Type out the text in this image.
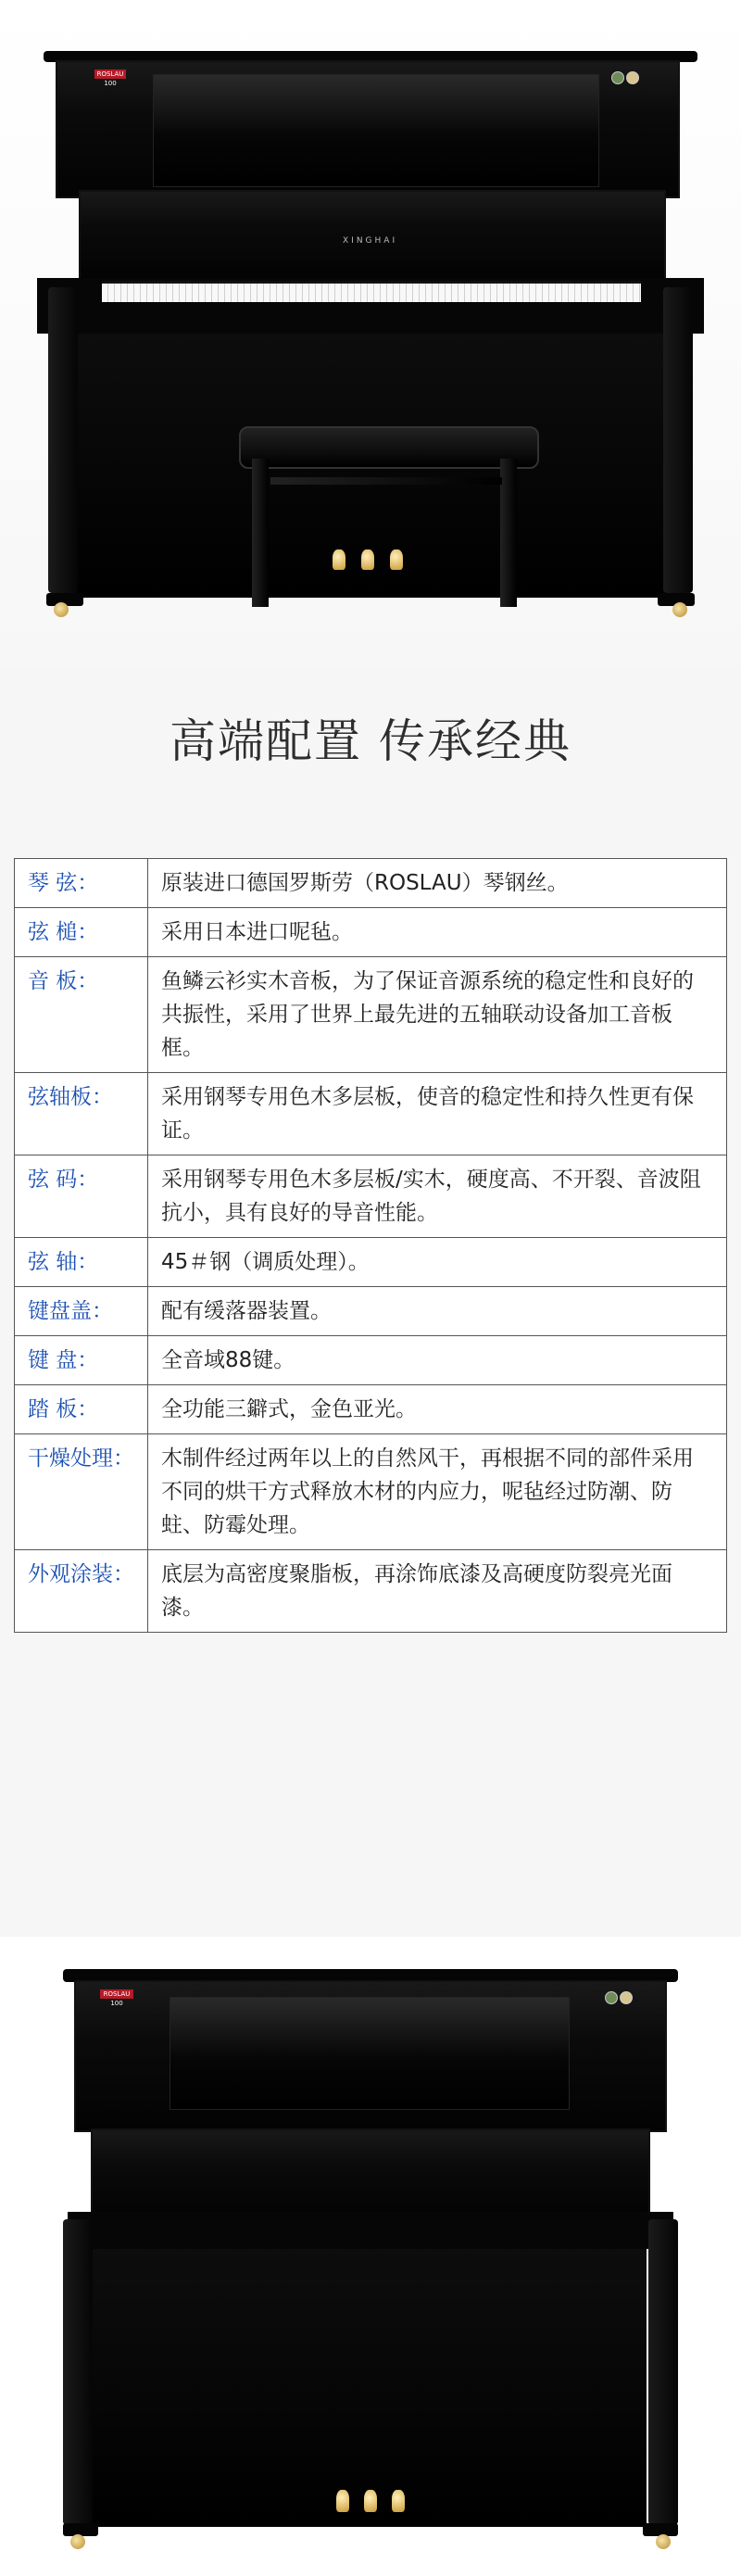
ROSLAU 100
XINGHAI
高端配置 传承经典
琴 弦：	原装进口德国罗斯劳（ROSLAU）琴钢丝。
弦 槌：	采用日本进口呢毡。
音 板：	鱼鳞云衫实木音板，为了保证音源系统的稳定性和良好的共振性，采用了世界上最先进的五轴联动设备加工音板框。
弦轴板：	采用钢琴专用色木多层板，使音的稳定性和持久性更有保证。
弦 码：	采用钢琴专用色木多层板/实木，硬度高、不开裂、音波阻抗小，具有良好的导音性能。
弦 轴：	45＃钢（调质处理）。
键盘盖：	配有缓落器装置。
键 盘：	全音域88键。
踏 板：	全功能三鐴式，金色亚光。
干燥处理：	木制件经过两年以上的自然风干，再根据不同的部件采用不同的烘干方式释放木材的内应力，呢毡经过防潮、防蛀、防霉处理。
外观涂装：	底层为高密度聚脂板，再涂饰底漆及高硬度防裂亮光面漆。
ROSLAU 100
